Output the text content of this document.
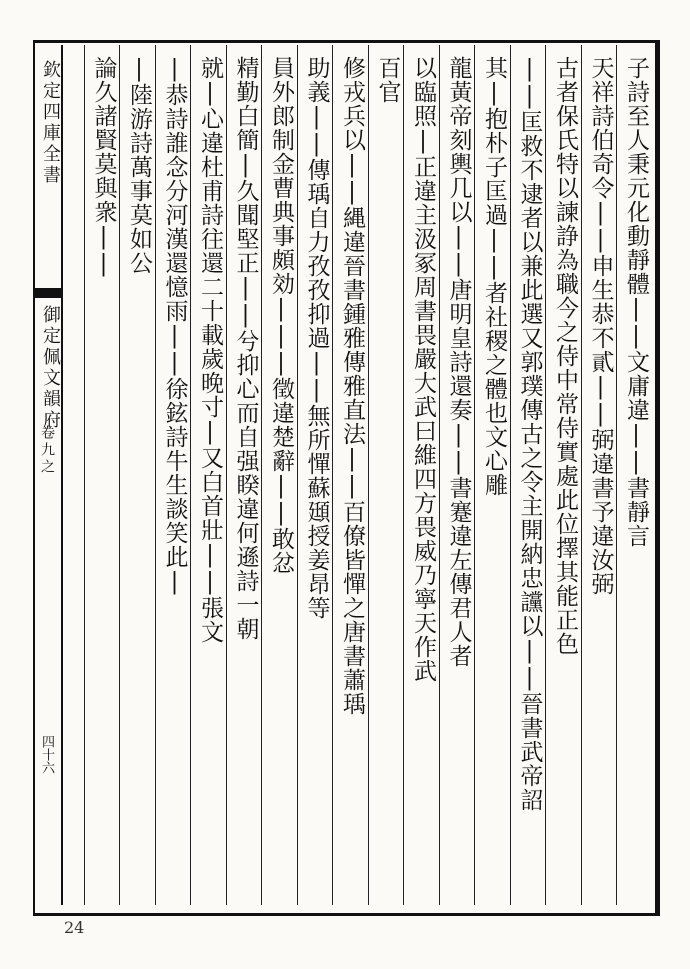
欽定四庫全書
御定佩文韻府
卷九之
四十六
子詩至人秉元化動靜體||文庸違||書靜言
天祥詩伯奇令||申生恭不貳||弼違書予違汝弼
古者保氏特以諫諍為職今之侍中常侍實處此位擇其能正色
||匡救不逮者以兼此選又郭璞傳古之令主開納忠讜以||晉書武帝詔
其|抱朴子匡過||者社稷之體也文心雕
龍黃帝刻輿几以||唐明皇詩還奏||書蹇違左傳君人者
以臨照|正違主汲冢周書畏嚴大武曰維四方畏威乃寧天作武
百官
修戎兵以||縄違晉書鍾雅傳雅直法||百僚皆憚之唐書蕭瑀
助義||傳瑀自力孜孜抑過||無所憚蘇頲授姜昂等
員外郎制金曹典事頗効|||徵違楚辭||敢忿
精勤白簡|久聞堅正||兮抑心而自强睽違何遜詩一朝
就|心違杜甫詩往還二十載歲晚寸|又白首壯||張文
|恭詩誰念分河漢還憶雨||徐鉉詩牛生談笑此|
|陸游詩萬事莫如公
論久諸賢莫與衆||
24
